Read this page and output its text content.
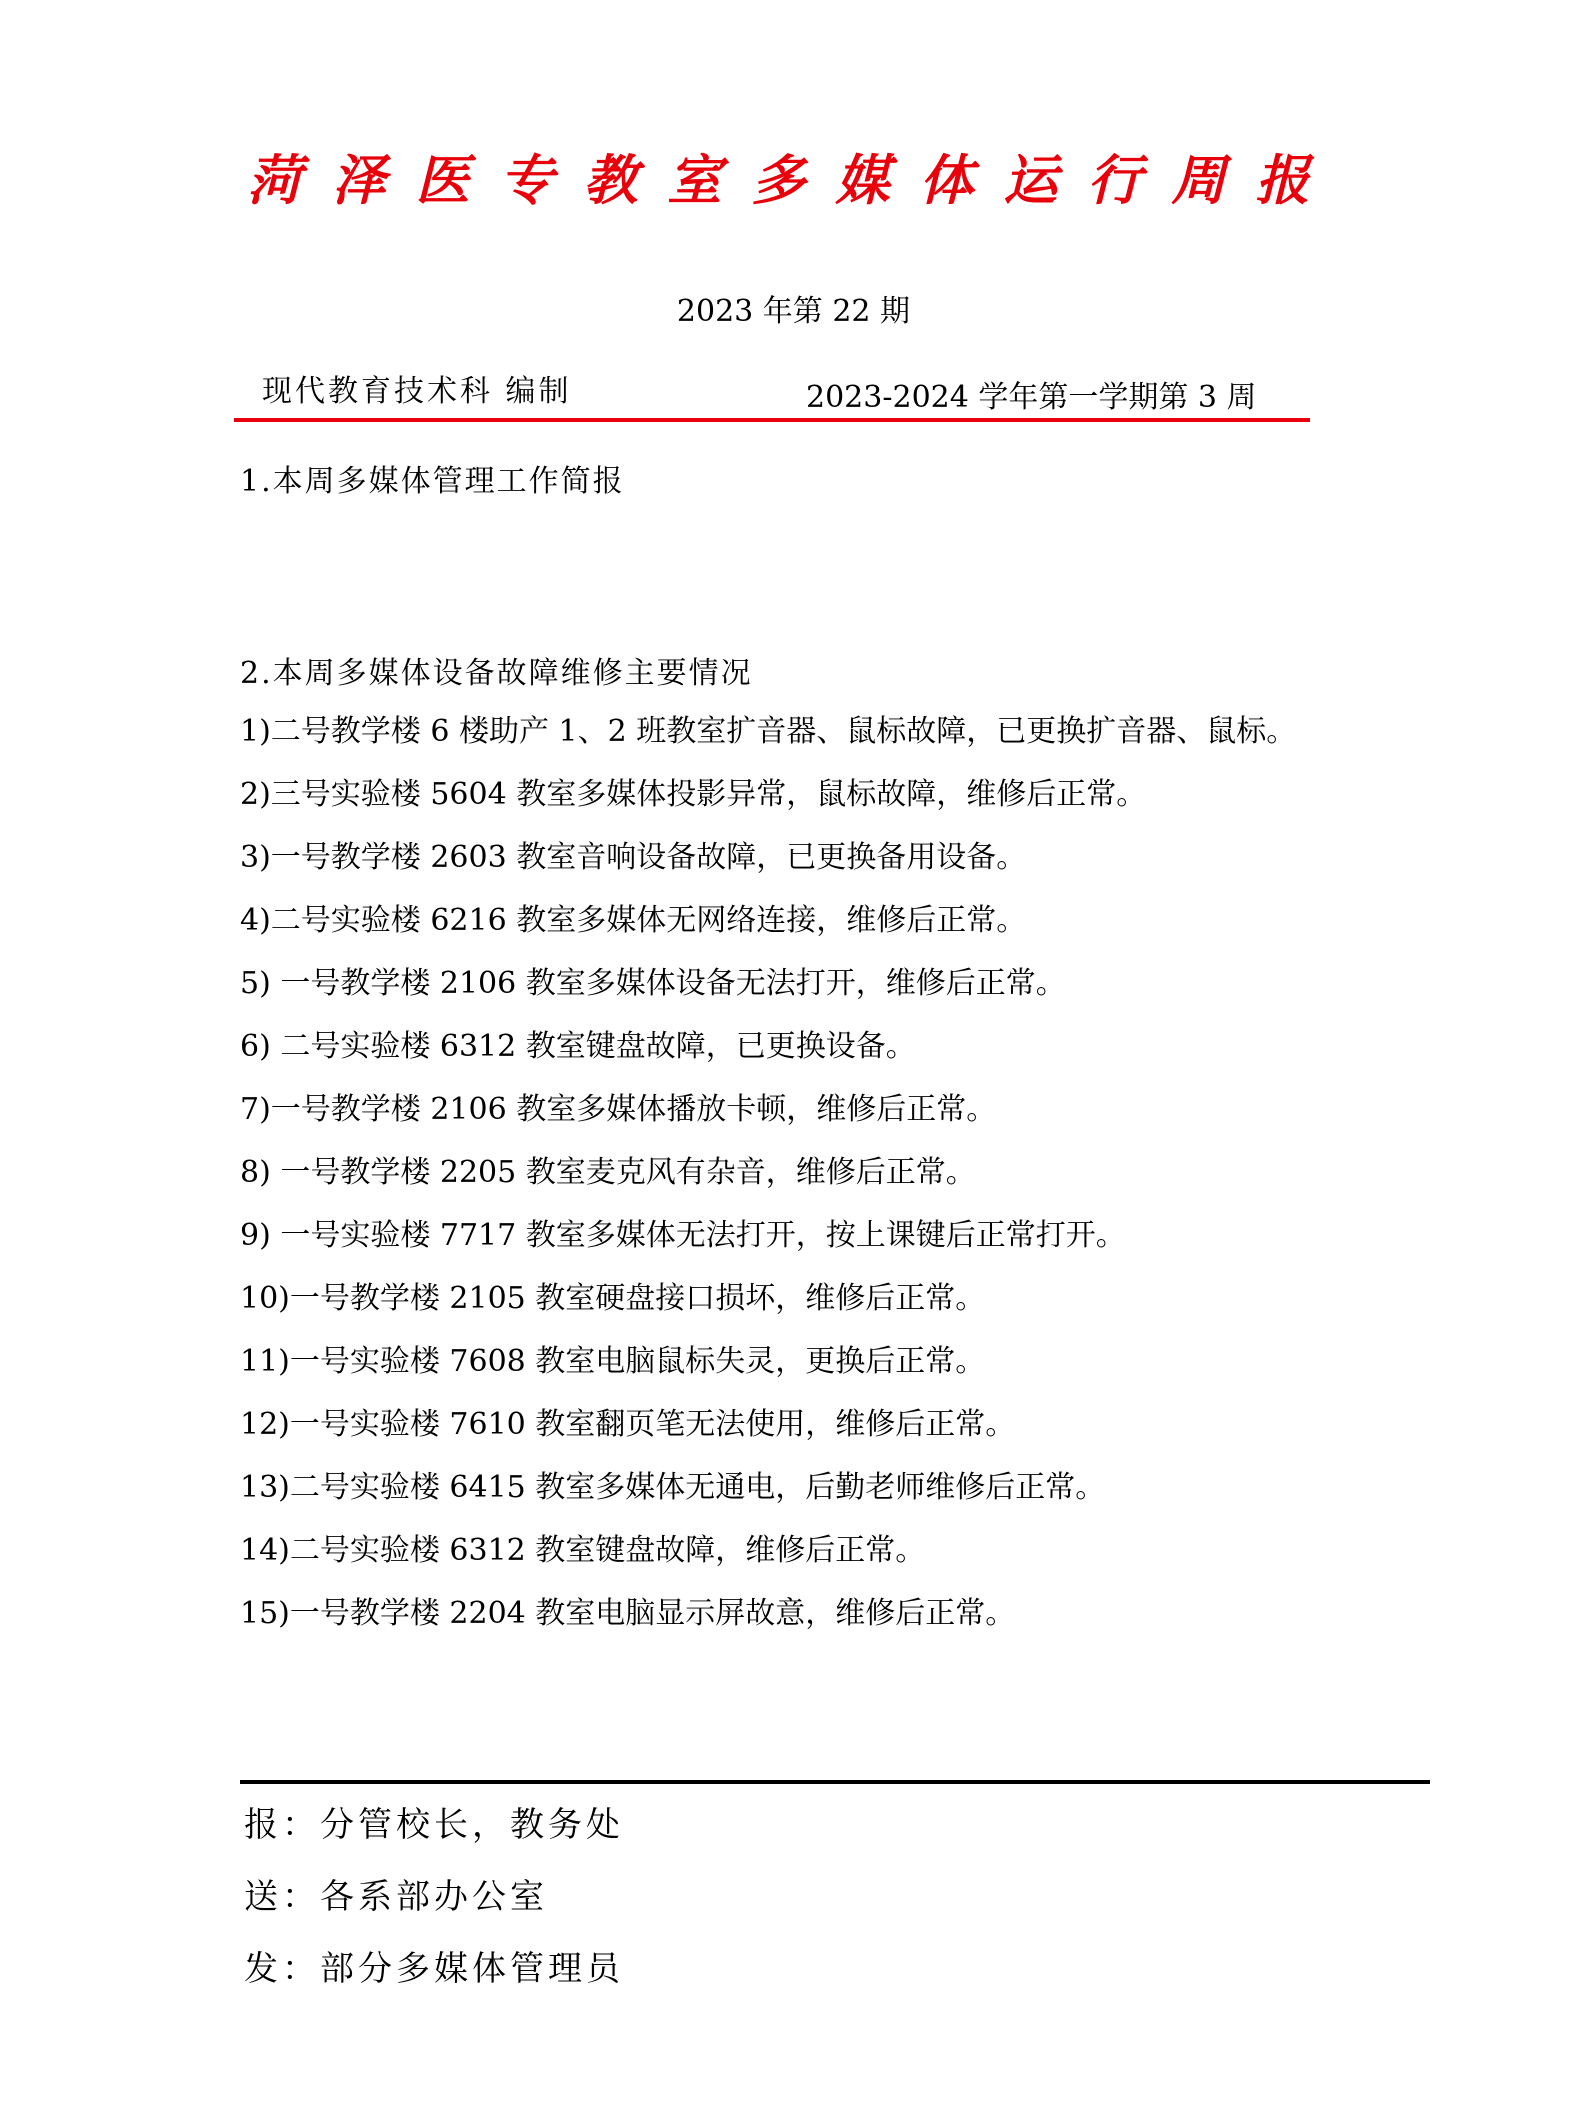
菏泽医专教室多媒体运行周报
2023 年第 22 期
现代教育技术科 编制	2023-2024 学年第一学期第 3 周
1.本周多媒体管理工作简报
2.本周多媒体设备故障维修主要情况
1)二号教学楼 6 楼助产 1、2 班教室扩音器、鼠标故障，已更换扩音器、鼠标。
2)三号实验楼 5604 教室多媒体投影异常，鼠标故障，维修后正常。
3)一号教学楼 2603 教室音响设备故障，已更换备用设备。
4)二号实验楼 6216 教室多媒体无网络连接，维修后正常。
5) 一号教学楼 2106 教室多媒体设备无法打开，维修后正常。
6) 二号实验楼 6312 教室键盘故障，已更换设备。
7)一号教学楼 2106 教室多媒体播放卡顿，维修后正常。
8) 一号教学楼 2205 教室麦克风有杂音，维修后正常。
9) 一号实验楼 7717 教室多媒体无法打开，按上课键后正常打开。
10)一号教学楼 2105 教室硬盘接口损坏，维修后正常。
11)一号实验楼 7608 教室电脑鼠标失灵，更换后正常。
12)一号实验楼 7610 教室翻页笔无法使用，维修后正常。
13)二号实验楼 6415 教室多媒体无通电，后勤老师维修后正常。
14)二号实验楼 6312 教室键盘故障，维修后正常。
15)一号教学楼 2204 教室电脑显示屏故意，维修后正常。
报：分管校长，教务处
送：各系部办公室
发：部分多媒体管理员
